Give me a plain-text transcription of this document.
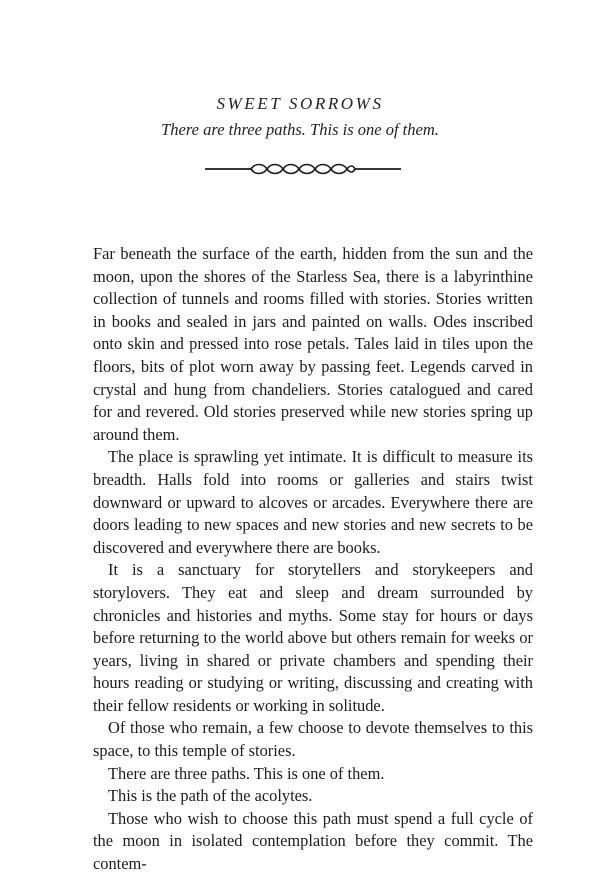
SWEET SORROWS
There are three paths. This is one of them.

Far beneath the surface of the earth, hidden from the sun and the moon, upon the shores of the Starless Sea, there is a labyrinthine collection of tunnels and rooms filled with stories. Stories written in books and sealed in jars and painted on walls. Odes inscribed onto skin and pressed into rose petals. Tales laid in tiles upon the floors, bits of plot worn away by passing feet. Legends carved in crystal and hung from chandeliers. Stories catalogued and cared for and revered. Old stories preserved while new stories spring up around them.

The place is sprawling yet intimate. It is difficult to measure its breadth. Halls fold into rooms or galleries and stairs twist downward or upward to alcoves or arcades. Everywhere there are doors leading to new spaces and new stories and new secrets to be discovered and everywhere there are books.

It is a sanctuary for storytellers and storykeepers and storylovers. They eat and sleep and dream surrounded by chronicles and histories and myths. Some stay for hours or days before returning to the world above but others remain for weeks or years, living in shared or private chambers and spending their hours reading or studying or writing, discussing and creating with their fellow residents or working in solitude.

Of those who remain, a few choose to devote themselves to this space, to this temple of stories.

There are three paths. This is one of them.

This is the path of the acolytes.

Those who wish to choose this path must spend a full cycle of the moon in isolated contemplation before they commit. The contem-
